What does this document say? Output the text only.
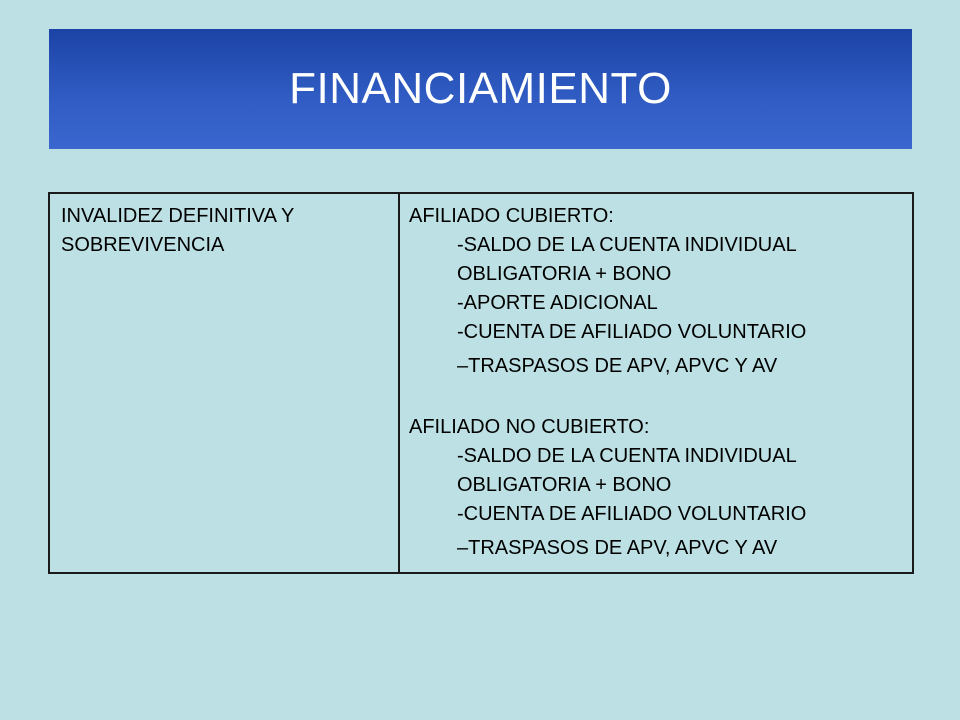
FINANCIAMIENTO
INVALIDEZ DEFINITIVA Y SOBREVIVENCIA

AFILIADO CUBIERTO:
-SALDO DE LA CUENTA INDIVIDUAL OBLIGATORIA + BONO
-APORTE ADICIONAL
-CUENTA DE AFILIADO VOLUNTARIO
–TRASPASOS DE APV, APVC Y AV
AFILIADO NO CUBIERTO:
-SALDO DE LA CUENTA INDIVIDUAL OBLIGATORIA + BONO
-CUENTA DE AFILIADO VOLUNTARIO
–TRASPASOS DE APV, APVC Y AV
